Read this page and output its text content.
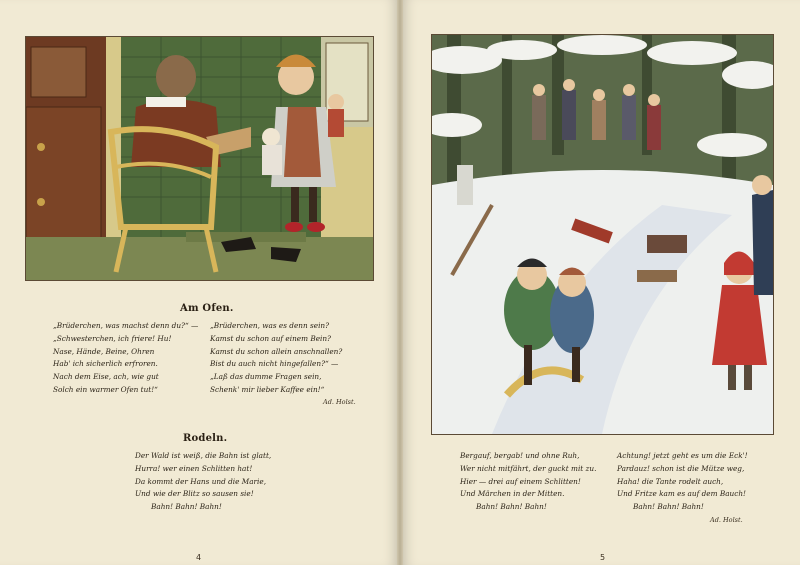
Am Ofen.
„Brüderchen, was machst denn du?“ —
„Schwesterchen, ich friere! Hu!
Nase, Hände, Beine, Ohren
Hab' ich sicherlich erfroren.
Nach dem Eise, ach, wie gut
Solch ein warmer Ofen tut!“
„Brüderchen, was es denn sein?
Kamst du schon auf einem Bein?
Kamst du schon allein anschnallen?
Bist du auch nicht hingefallen?“ —
„Laß das dumme Fragen sein,
Schenk' mir lieber Kaffee ein!“
Ad. Holst.
Rodeln.
Der Wald ist weiß, die Bahn ist glatt,
Hurra! wer einen Schlitten hat!
Da kommt der Hans und die Marie,
Und wie der Blitz so sausen sie!
Bahn! Bahn! Bahn!
4
Bergauf, bergab! und ohne Ruh,
Wer nicht mitfährt, der guckt mit zu.
Hier — drei auf einem Schlitten!
Und Märchen in der Mitten.
Bahn! Bahn! Bahn!
Achtung! jetzt geht es um die Eck'!
Pardauz! schon ist die Mütze weg,
Haha! die Tante rodelt auch,
Und Fritze kam es auf dem Bauch!
Bahn! Bahn! Bahn!
Ad. Holst.
5
